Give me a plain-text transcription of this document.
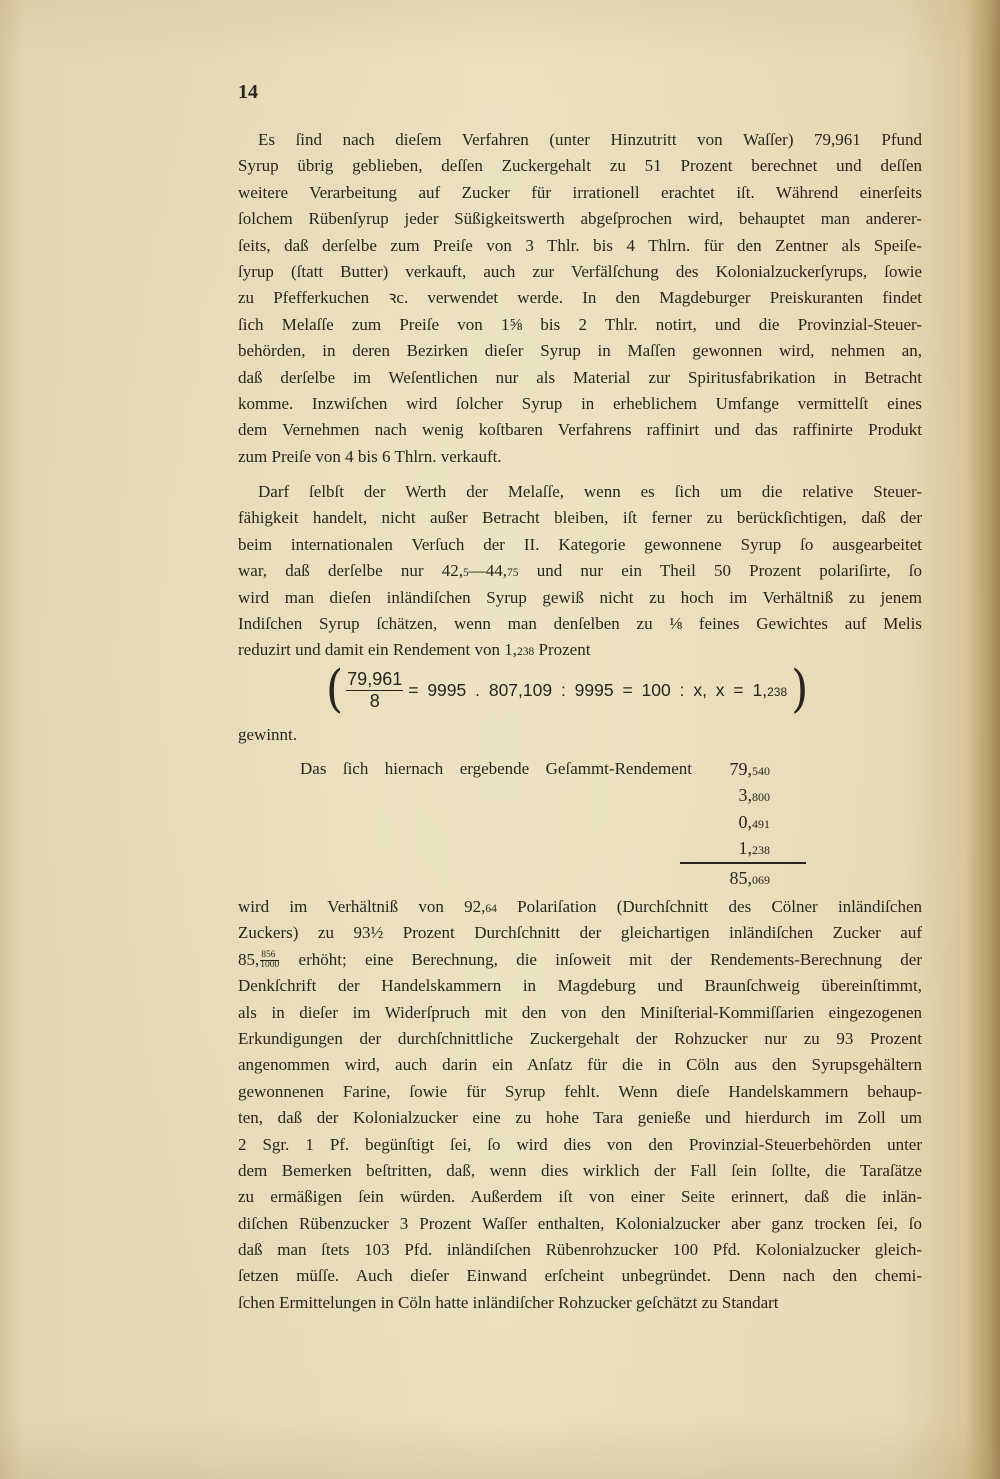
14
Es ſind nach dieſem Verfahren (unter Hinzutritt von Waſſer) 79,961 Pfund
Syrup übrig geblieben, deſſen Zuckergehalt zu 51 Prozent berechnet und deſſen
weitere Verarbeitung auf Zucker für irrationell erachtet iſt. Während einerſeits
ſolchem Rübenſyrup jeder Süßigkeitswerth abgeſprochen wird, behauptet man anderer-
ſeits, daß derſelbe zum Preiſe von 3 Thlr. bis 4 Thlrn. für den Zentner als Speiſe-
ſyrup (ſtatt Butter) verkauft, auch zur Verfälſchung des Kolonialzuckerſyrups, ſowie
zu Pfefferkuchen ꝛc. verwendet werde. In den Magdeburger Preiskuranten findet
ſich Melaſſe zum Preiſe von 1⅝ bis 2 Thlr. notirt, und die Provinzial-Steuer-
behörden, in deren Bezirken dieſer Syrup in Maſſen gewonnen wird, nehmen an,
daß derſelbe im Weſentlichen nur als Material zur Spiritusfabrikation in Betracht
komme. Inzwiſchen wird ſolcher Syrup in erheblichem Umfange vermittelſt eines
dem Vernehmen nach wenig koſtbaren Verfahrens raffinirt und das raffinirte Produkt
zum Preiſe von 4 bis 6 Thlrn. verkauft.
Darf ſelbſt der Werth der Melaſſe, wenn es ſich um die relative Steuer-
fähigkeit handelt, nicht außer Betracht bleiben, iſt ferner zu berückſichtigen, daß der
beim internationalen Verſuch der II. Kategorie gewonnene Syrup ſo ausgearbeitet
war, daß derſelbe nur 42,5—44,75 und nur ein Theil 50 Prozent polariſirte, ſo
wird man dieſen inländiſchen Syrup gewiß nicht zu hoch im Verhältniß zu jenem
Indiſchen Syrup ſchätzen, wenn man denſelben zu ⅛ feines Gewichtes auf Melis
reduzirt und damit ein Rendement von 1,238 Prozent
( $\frac{79,961}{8} = 9995$ . 807,109 : 9995 = 100 : x, x = 1,238 )
gewinnt.
Das ſich hiernach ergebende Geſammt-Rendement	79,540
3,800
0,491
1,238
85,069
wird im Verhältniß von 92,64 Polariſation (Durchſchnitt des Cölner inländiſchen
Zuckers) zu 93½ Prozent Durchſchnitt der gleichartigen inländiſchen Zucker auf
85, $\frac{856}{1000}$ erhöht; eine Berechnung, die inſoweit mit der Rendements-Berechnung der
Denkſchrift der Handelskammern in Magdeburg und Braunſchweig übereinſtimmt,
als in dieſer im Widerſpruch mit den von den Miniſterial-Kommiſſarien eingezogenen
Erkundigungen der durchſchnittliche Zuckergehalt der Rohzucker nur zu 93 Prozent
angenommen wird, auch darin ein Anſatz für die in Cöln aus den Syrupsgehältern
gewonnenen Farine, ſowie für Syrup fehlt. Wenn dieſe Handelskammern behaup-
ten, daß der Kolonialzucker eine zu hohe Tara genieße und hierdurch im Zoll um
2 Sgr. 1 Pf. begünſtigt ſei, ſo wird dies von den Provinzial-Steuerbehörden unter
dem Bemerken beſtritten, daß, wenn dies wirklich der Fall ſein ſollte, die Taraſätze
zu ermäßigen ſein würden. Außerdem iſt von einer Seite erinnert, daß die inlän-
diſchen Rübenzucker 3 Prozent Waſſer enthalten, Kolonialzucker aber ganz trocken ſei, ſo
daß man ſtets 103 Pfd. inländiſchen Rübenrohzucker 100 Pfd. Kolonialzucker gleich-
ſetzen müſſe. Auch dieſer Einwand erſcheint unbegründet. Denn nach den chemi-
ſchen Ermittelungen in Cöln hatte inländiſcher Rohzucker geſchätzt zu Standart
